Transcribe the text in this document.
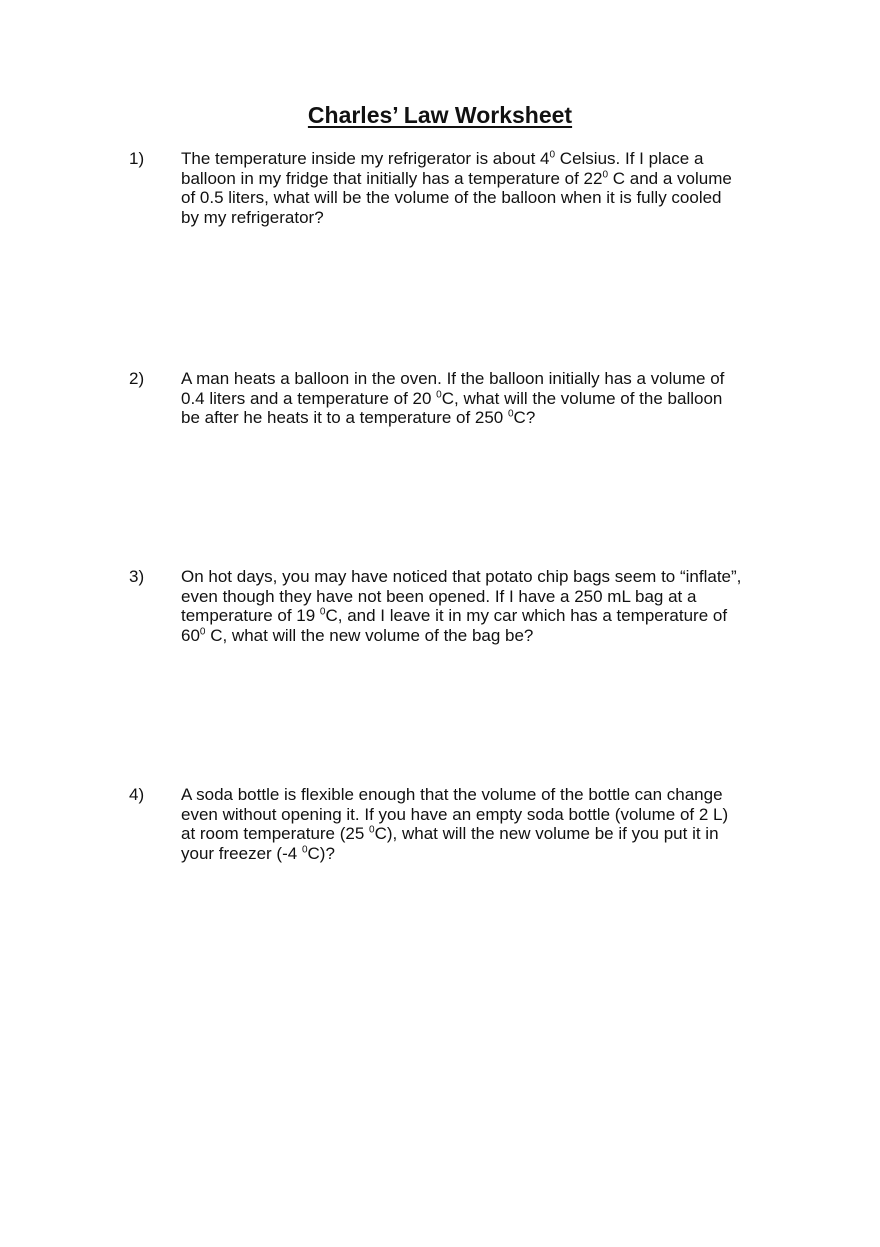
Charles’ Law Worksheet
1) The temperature inside my refrigerator is about $4^0$ Celsius. If I place a
balloon in my fridge that initially has a temperature of $22^0$ C and a volume
of 0.5 liters, what will be the volume of the balloon when it is fully cooled
by my refrigerator?
2) A man heats a balloon in the oven. If the balloon initially has a volume of
0.4 liters and a temperature of 20 $^0$C, what will the volume of the balloon
be after he heats it to a temperature of 250 $^0$C?
3) On hot days, you may have noticed that potato chip bags seem to “inflate”,
even though they have not been opened. If I have a 250 mL bag at a
temperature of 19 $^0$C, and I leave it in my car which has a temperature of
$60^0$ C, what will the new volume of the bag be?
4) A soda bottle is flexible enough that the volume of the bottle can change
even without opening it. If you have an empty soda bottle (volume of 2 L)
at room temperature (25 $^0$C), what will the new volume be if you put it in
your freezer (-4 $^0$C)?
